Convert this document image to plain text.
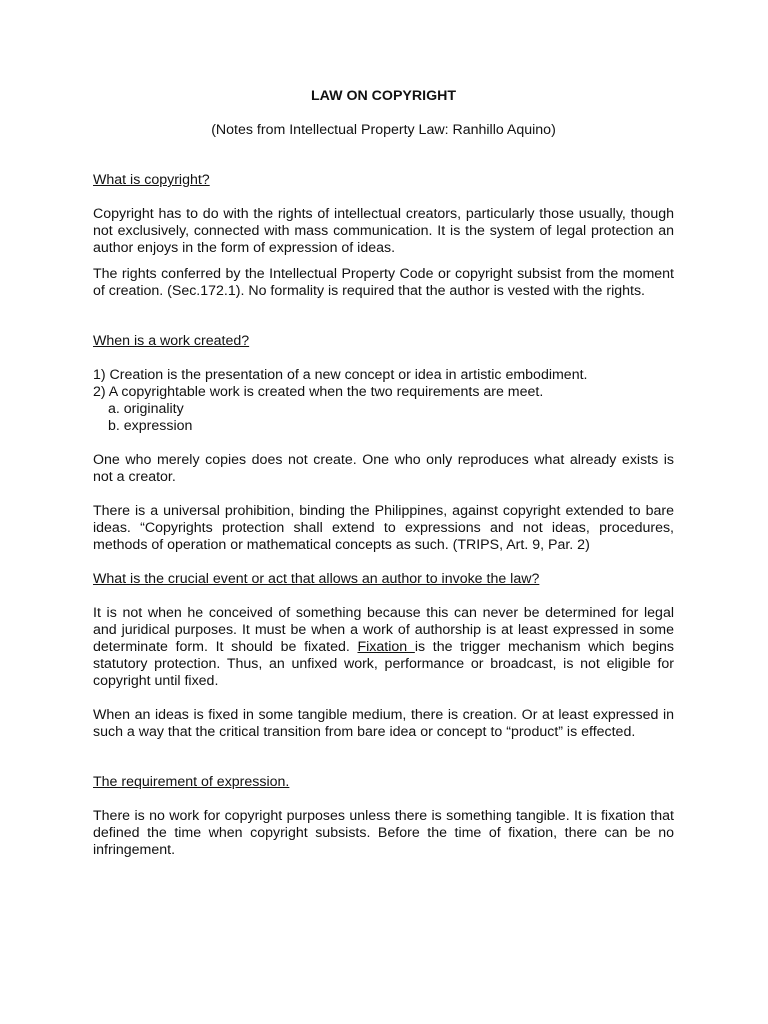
LAW ON COPYRIGHT
(Notes from Intellectual Property Law: Ranhillo Aquino)
What is copyright?

Copyright has to do with the rights of intellectual creators, particularly those usually, though not exclusively, connected with mass communication. It is the system of legal protection an author enjoys in the form of expression of ideas.

The rights conferred by the Intellectual Property Code or copyright subsist from the moment of creation. (Sec.172.1). No formality is required that the author is vested with the rights.

When is a work created?
1) Creation is the presentation of a new concept or idea in artistic embodiment.
2) A copyrightable work is created when the two requirements are meet.
a. originality
b. expression

One who merely copies does not create. One who only reproduces what already exists is not a creator.

There is a universal prohibition, binding the Philippines, against copyright extended to bare ideas. “Copyrights protection shall extend to expressions and not ideas, procedures, methods of operation or mathematical concepts as such. (TRIPS, Art. 9, Par. 2)

What is the crucial event or act that allows an author to invoke the law?

It is not when he conceived of something because this can never be determined for legal and juridical purposes. It must be when a work of authorship is at least expressed in some determinate form. It should be fixated. Fixation is the trigger mechanism which begins statutory protection. Thus, an unfixed work, performance or broadcast, is not eligible for copyright until fixed.

When an ideas is fixed in some tangible medium, there is creation. Or at least expressed in such a way that the critical transition from bare idea or concept to “product” is effected.

The requirement of expression.

There is no work for copyright purposes unless there is something tangible. It is fixation that defined the time when copyright subsists. Before the time of fixation, there can be no infringement.
